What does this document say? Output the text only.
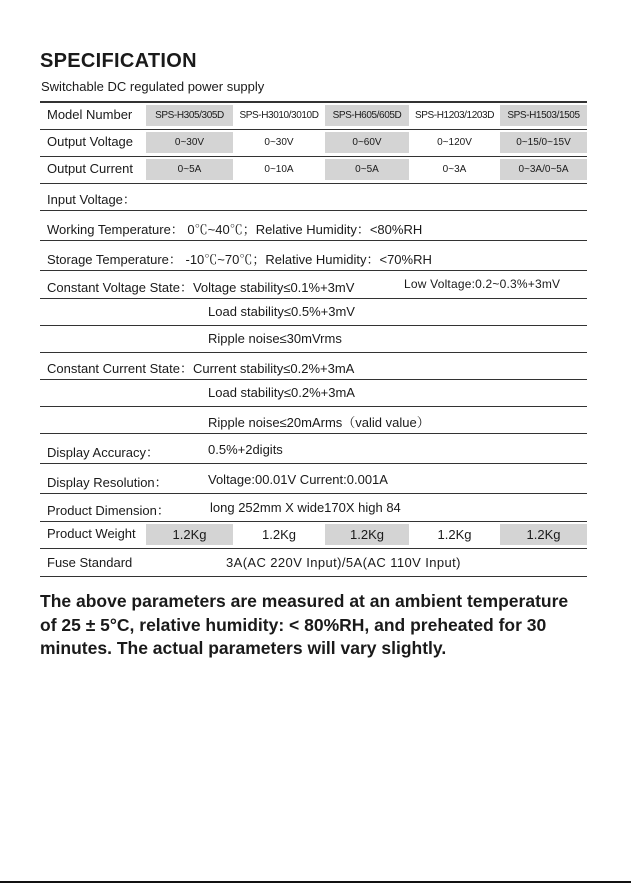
SPECIFICATION
Switchable DC regulated power supply
Model Number	SPS-H305/305D	SPS-H3010/3010D	SPS-H605/605D	SPS-H1203/1203D	SPS-H1503/1505
Output Voltage	0~30V	0~30V	0~60V	0~120V	0~15/0~15V
Output Current	0~5A	0~10A	0~5A	0~3A	0~3A/0~5A
Input Voltage：
Working Temperature： 0℃~40℃；Relative Humidity：<80%RH
Storage Temperature： -10℃~70℃；Relative Humidity：<70%RH
Constant Voltage State：Voltage stability≤0.1%+3mV	Low Voltage:0.2~0.3%+3mV
Load stability≤0.5%+3mV
Ripple noise≤30mVrms
Constant Current State：Current stability≤0.2%+3mA
Load stability≤0.2%+3mA
Ripple noise≤20mArms（valid value）
Display Accuracy：	0.5%+2digits
Display Resolution：	Voltage:00.01V Current:0.001A
Product Dimension：	long 252mm X wide170X high 84
Product Weight	1.2Kg	1.2Kg	1.2Kg	1.2Kg	1.2Kg
Fuse Standard	3A(AC 220V Input)/5A(AC 110V Input)
The above parameters are measured at an ambient temperature of 25 ± 5°C, relative humidity: < 80%RH, and preheated for 30 minutes. The actual parameters will vary slightly.
